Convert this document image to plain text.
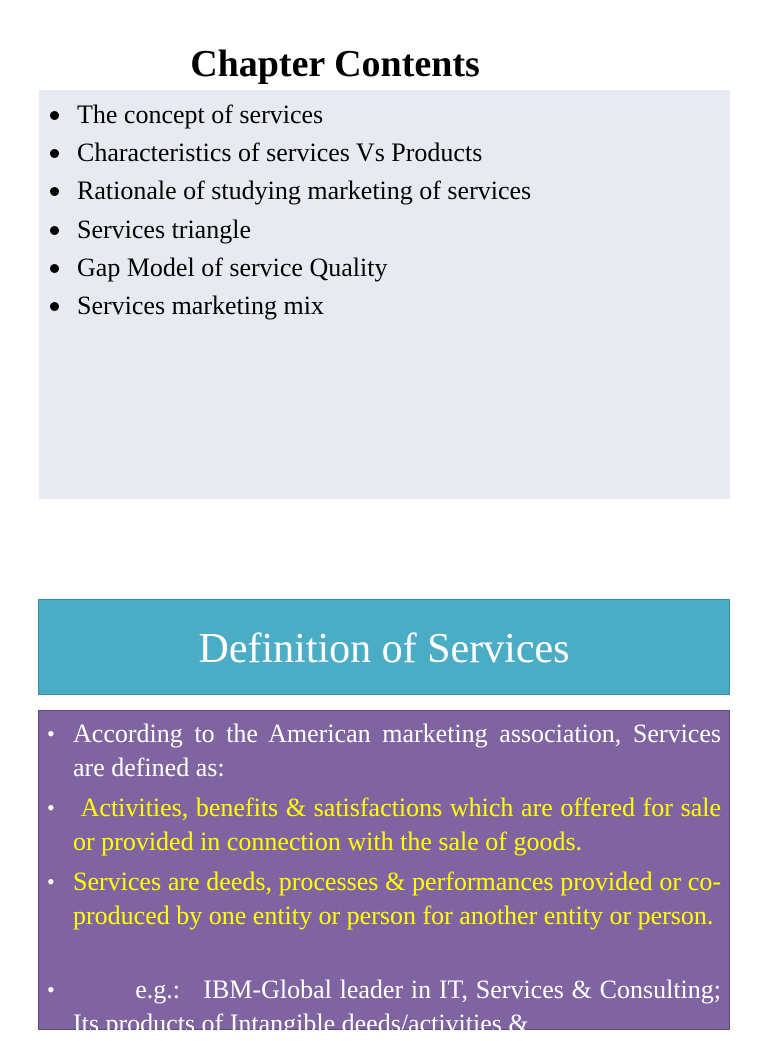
Chapter Contents
The concept of services
Characteristics of services Vs Products
Rationale of studying marketing of services
Services triangle
Gap Model of service Quality
Services marketing mix
Definition of Services
• According to the American marketing association, Services are defined as:
• Activities, benefits & satisfactions which are offered for sale or provided in connection with the sale of goods.
• Services are deeds, processes & performances provided or co-produced by one entity or person for another entity or person.
• e.g.:   IBM-Global leader in IT, Services & Consulting; Its products of Intangible deeds/activities &
